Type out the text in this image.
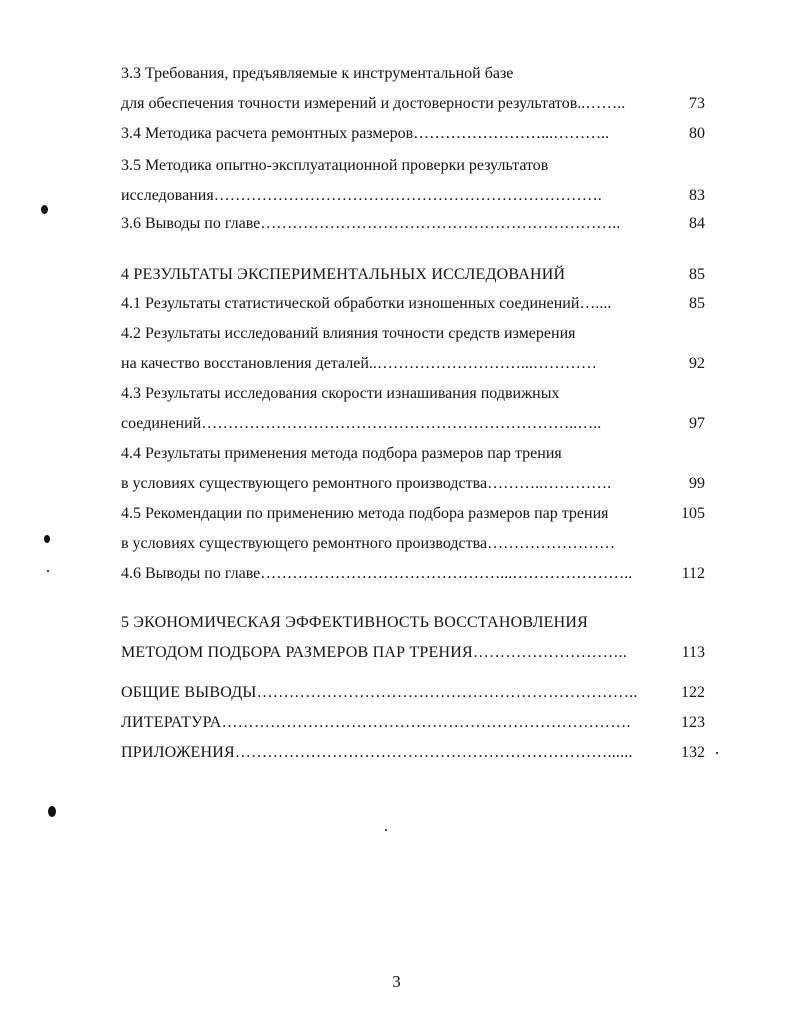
3.3 Требования, предъявляемые к инструментальной базе
для обеспечения точности измерений и достоверности результатов..……..	73
3.4 Методика расчета ремонтных размеров……………………...………..	80
3.5 Методика опытно-эксплуатационной проверки результатов
исследования……………………………………………………………….	83
3.6 Выводы по главе…………………………………………………………..	84
4 РЕЗУЛЬТАТЫ ЭКСПЕРИМЕНТАЛЬНЫХ ИССЛЕДОВАНИЙ	85
4.1 Результаты статистической обработки изношенных соединений…....	85
4.2 Результаты исследований влияния точности средств измерения
на качество восстановления деталей..………………………...…………	92
4.3 Результаты исследования скорости изнашивания подвижных
соединений……………………………………………………………..…..	97
4.4 Результаты применения метода подбора размеров пар трения
в условиях существующего ремонтного производства………..………….	99
4.5 Рекомендации по применению метода подбора размеров пар трения	105
в условиях существующего ремонтного производства……………………
4.6 Выводы по главе………………………………………...…………………..	112
5 ЭКОНОМИЧЕСКАЯ ЭФФЕКТИВНОСТЬ ВОССТАНОВЛЕНИЯ
МЕТОДОМ ПОДБОРА РАЗМЕРОВ ПАР ТРЕНИЯ………………………..	113
ОБЩИЕ ВЫВОДЫ……………………………………………………………..	122
ЛИТЕРАТУРА………………………………………………………………….	123
ПРИЛОЖЕНИЯ……………………………………………………………......	132
3
